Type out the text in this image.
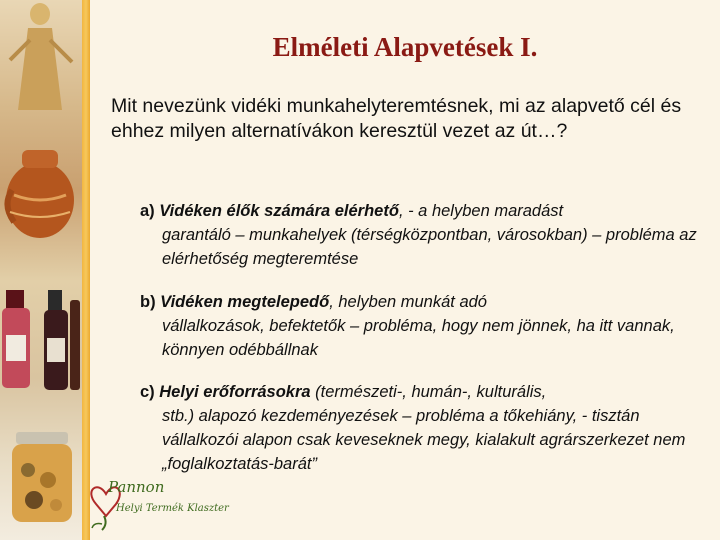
Elméleti Alapvetések I.
Mit nevezünk vidéki munkahelyteremtésnek, mi az alapvető cél és ehhez milyen alternatívákon keresztül vezet az út…?
a) Vidéken élők számára elérhető, - a helyben maradást
garantáló – munkahelyek (térségközpontban, városokban) – probléma az elérhetőség megteremtése
b) Vidéken megtelepedő, helyben munkát adó
vállalkozások, befektetők – probléma, hogy nem jönnek, ha itt vannak, könnyen odébbállnak
c) Helyi erőforrásokra (természeti-, humán-, kulturális,
stb.) alapozó kezdeményezések – probléma a tőkehiány, - tisztán vállalkozói alapon csak keveseknek megy, kialakult agrárszerkezet nem „foglalkoztatás-barát”
Pannon
Helyi Termék Klaszter
